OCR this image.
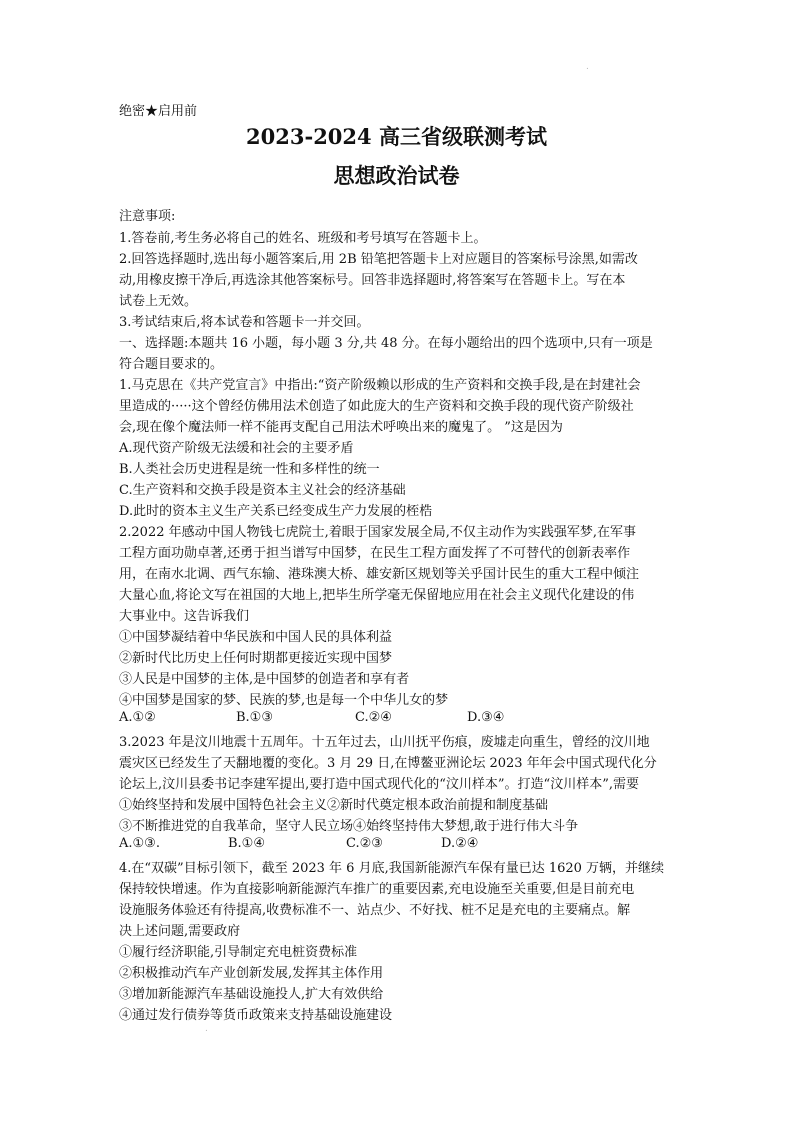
.
绝密★启用前
2023-2024 高三省级联测考试
思想政治试卷
注意事项:
1.答卷前,考生务必将自己的姓名、班级和考号填写在答题卡上。
2.回答选择题时,选出每小题答案后,用 2B 铅笔把答题卡上对应题目的答案标号涂黑,如需改
动,用橡皮擦干净后,再选涂其他答案标号。回答非选择题时,将答案写在答题卡上。写在本
试卷上无效。
3.考试结束后,将本试卷和答题卡一并交回。
一、选择题:本题共 16 小题，每小题 3 分,共 48 分。在每小题给出的四个选项中,只有一项是
符合题目要求的。
1.马克思在《共产党宣言》中指出:“资产阶级赖以形成的生产资料和交换手段,是在封建社会
里造成的·····这个曾经仿佛用法术创造了如此庞大的生产资料和交换手段的现代资产阶级社
会,现在像个魔法师一样不能再支配自己用法术呼唤出来的魔鬼了。 ”这是因为
A.现代资产阶级无法缓和社会的主要矛盾
B.人类社会历史进程是统一性和多样性的统一
C.生产资料和交换手段是资本主义社会的经济基础
D.此时的资本主义生产关系已经变成生产力发展的桎梏
2.2022 年感动中国人物钱七虎院士,着眼于国家发展全局,不仅主动作为实践强军梦,在军事
工程方面功勋卓著,还勇于担当谱写中国梦，在民生工程方面发挥了不可替代的创新表率作
用，在南水北调、西气东输、港珠澳大桥、雄安新区规划等关乎国计民生的重大工程中倾注
大量心血,将论文写在祖国的大地上,把毕生所学毫无保留地应用在社会主义现代化建设的伟
大事业中。这告诉我们
①中国梦凝结着中华民族和中国人民的具体利益
②新时代比历史上任何时期都更接近实现中国梦
③人民是中国梦的主体,是中国梦的创造者和享有者
④中国梦是国家的梦、民族的梦,也是每一个中华儿女的梦
A.①②	B.①③	C.②④	D.③④
3.2023 年是汶川地震十五周年。十五年过去，山川抚平伤痕，废墟走向重生，曾经的汶川地
震灾区已经发生了天翻地覆的变化。3 月 29 日,在博鳌亚洲论坛 2023 年年会中国式现代化分
论坛上,汶川县委书记李建军提出,要打造中国式现代化的“汶川样本”。打造“汶川样本”,需要
①始终坚持和发展中国特色社会主义②新时代奠定根本政治前提和制度基础
③不断推进党的自我革命，坚守人民立场④始终坚持伟大梦想,敢于进行伟大斗争
A.①③.	B.①④	C.②③	D.②④
4.在“双碳”目标引领下，截至 2023 年 6 月底,我国新能源汽车保有量已达 1620 万辆，并继续
保持较快增速。作为直接影响新能源汽车推广的重要因素,充电设施至关重要,但是目前充电
设施服务体验还有待提高,收费标准不一、站点少、不好找、桩不足是充电的主要痛点。解
决上述问题,需要政府
①履行经济职能,引导制定充电桩资费标准
②积极推动汽车产业创新发展,发挥其主体作用
③增加新能源汽车基础设施投人,扩大有效供给
④通过发行债券等货币政策来支持基础设施建设
.
